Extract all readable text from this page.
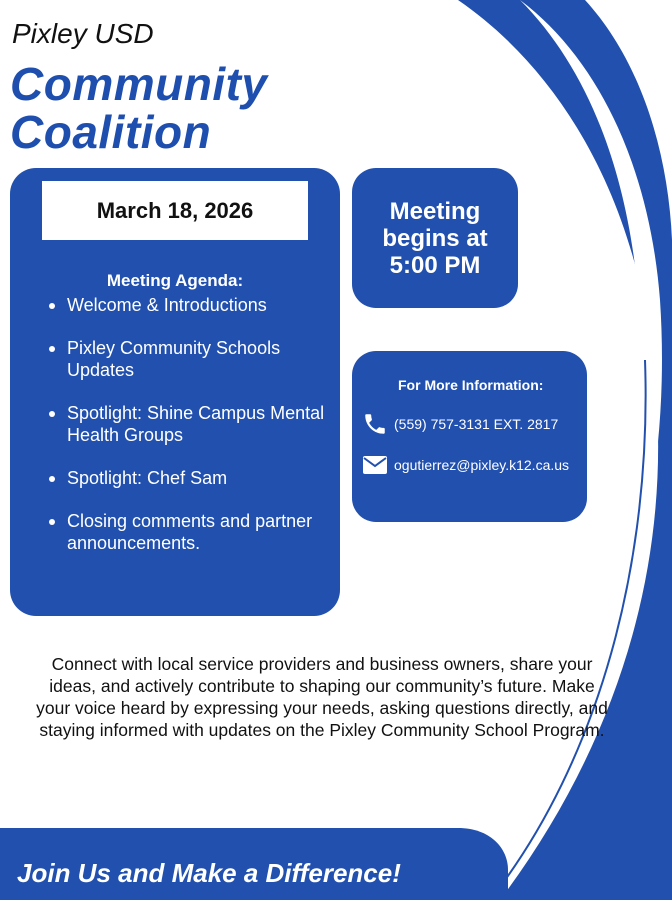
Pixley USD
Community
Coalition
March 18, 2026
Meeting Agenda:
Welcome & Introductions
Pixley Community Schools Updates
Spotlight: Shine Campus Mental Health Groups
Spotlight: Chef Sam
Closing comments and partner announcements.
Meeting
begins at
5:00 PM
For More Information:
(559) 757-3131 EXT. 2817
ogutierrez@pixley.k12.ca.us
Connect with local service providers and business owners, share your ideas, and actively contribute to shaping our community’s future. Make your voice heard by expressing your needs, asking questions directly, and staying informed with updates on the Pixley Community School Program.
Join Us and Make a Difference!
